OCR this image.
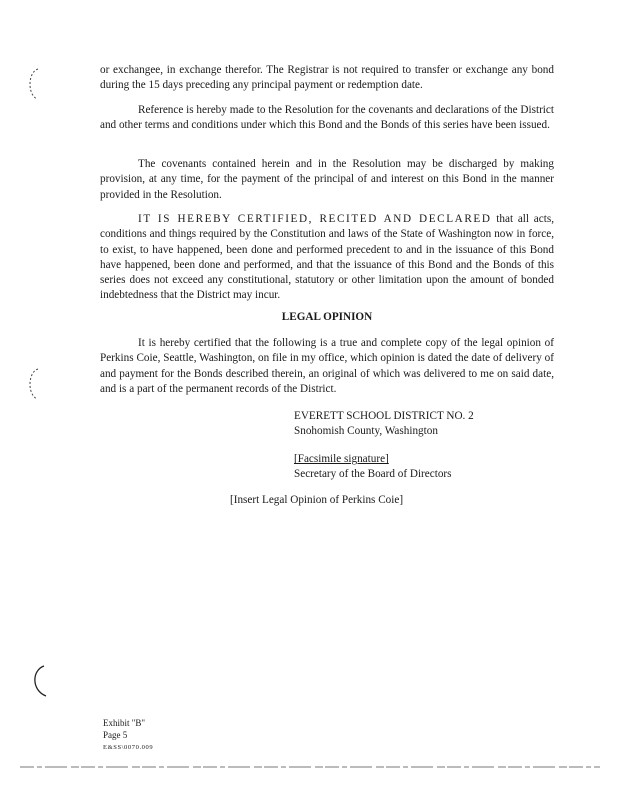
or exchangee, in exchange therefor. The Registrar is not required to transfer or exchange any bond during the 15 days preceding any principal payment or redemption date.

Reference is hereby made to the Resolution for the covenants and declarations of the District and other terms and conditions under which this Bond and the Bonds of this series have been issued.

The covenants contained herein and in the Resolution may be discharged by making provision, at any time, for the payment of the principal of and interest on this Bond in the manner provided in the Resolution.

IT IS HEREBY CERTIFIED, RECITED AND DECLARED that all acts, conditions and things required by the Constitution and laws of the State of Washington now in force, to exist, to have happened, been done and performed precedent to and in the issuance of this Bond have happened, been done and performed, and that the issuance of this Bond and the Bonds of this series does not exceed any constitutional, statutory or other limitation upon the amount of bonded indebtedness that the District may incur.

LEGAL OPINION

It is hereby certified that the following is a true and complete copy of the legal opinion of Perkins Coie, Seattle, Washington, on file in my office, which opinion is dated the date of delivery of and payment for the Bonds described therein, an original of which was delivered to me on said date, and is a part of the permanent records of the District.

EVERETT SCHOOL DISTRICT NO. 2
Snohomish County, Washington
[Facsimile signature]
Secretary of the Board of Directors
[Insert Legal Opinion of Perkins Coie]
Exhibit "B"
Page 5
E&SS\0070.009
